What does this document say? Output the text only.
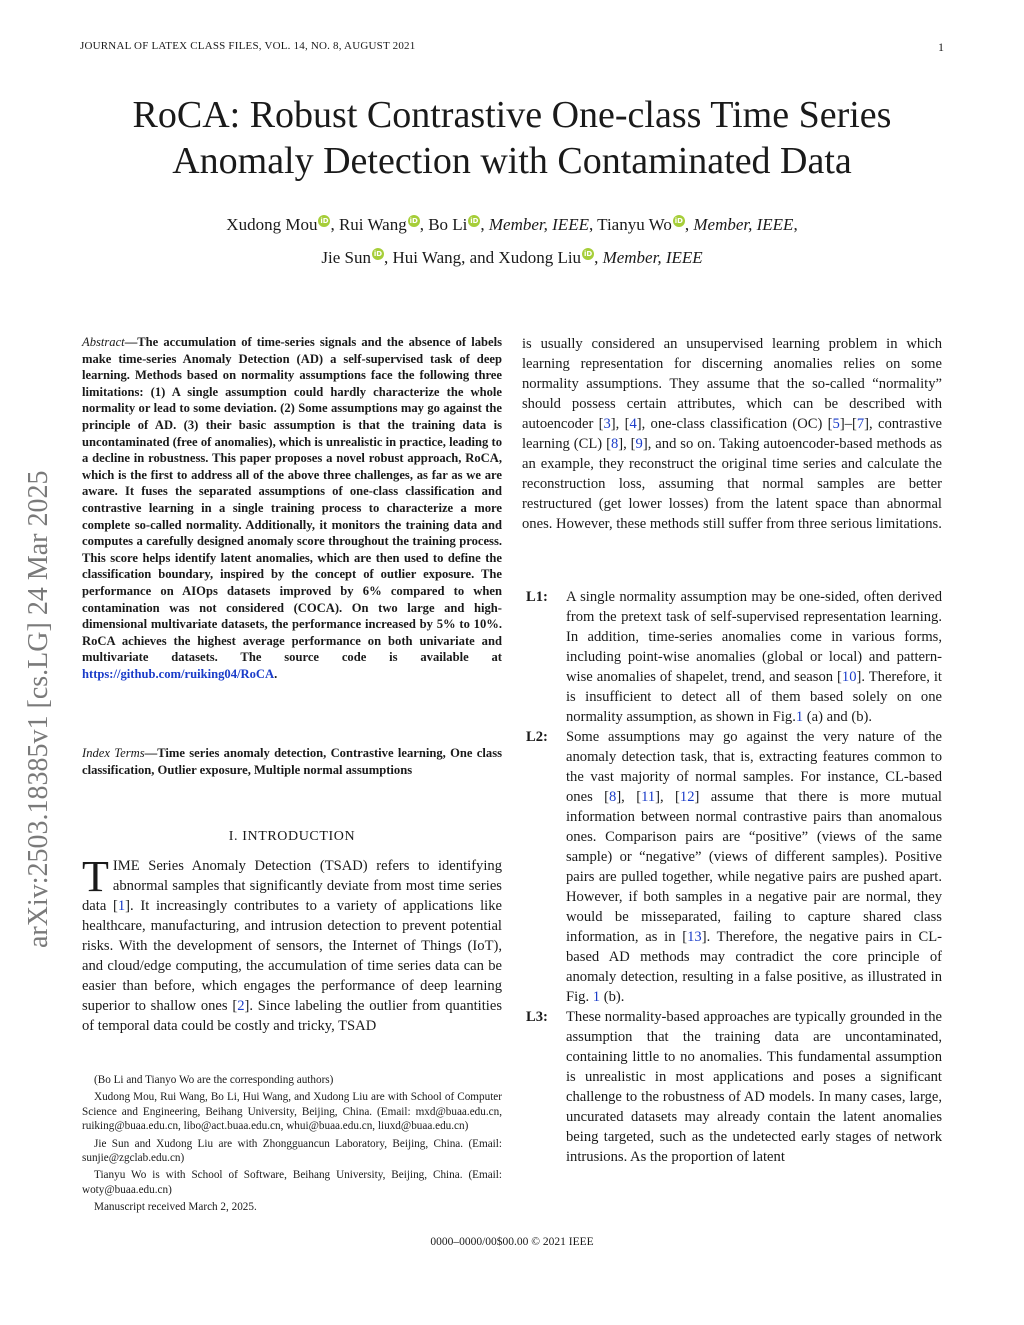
JOURNAL OF LATEX CLASS FILES, VOL. 14, NO. 8, AUGUST 2021	1
arXiv:2503.18385v1 [cs.LG] 24 Mar 2025
RoCA: Robust Contrastive One-class Time Series Anomaly Detection with Contaminated Data
Xudong Mou iD , Rui Wang iD , Bo Li iD , Member, IEEE, Tianyu Wo iD , Member, IEEE,
Jie Sun iD , Hui Wang, and Xudong Liu iD , Member, IEEE
Abstract—The accumulation of time-series signals and the absence of labels make time-series Anomaly Detection (AD) a self-supervised task of deep learning. Methods based on normality assumptions face the following three limitations: (1) A single assumption could hardly characterize the whole normality or lead to some deviation. (2) Some assumptions may go against the principle of AD. (3) their basic assumption is that the training data is uncontaminated (free of anomalies), which is unrealistic in practice, leading to a decline in robustness. This paper proposes a novel robust approach, RoCA, which is the first to address all of the above three challenges, as far as we are aware. It fuses the separated assumptions of one-class classification and contrastive learning in a single training process to characterize a more complete so-called normality. Additionally, it monitors the training data and computes a carefully designed anomaly score throughout the training process. This score helps identify latent anomalies, which are then used to define the classification boundary, inspired by the concept of outlier exposure. The performance on AIOps datasets improved by 6% compared to when contamination was not considered (COCA). On two large and high-dimensional multivariate datasets, the performance increased by 5% to 10%. RoCA achieves the highest average performance on both univariate and multivariate datasets. The source code is available at https://github.com/ruiking04/RoCA.
Index Terms—Time series anomaly detection, Contrastive learning, One class classification, Outlier exposure, Multiple normal assumptions
I. INTRODUCTION
TIME Series Anomaly Detection (TSAD) refers to identifying abnormal samples that significantly deviate from most time series data [1]. It increasingly contributes to a variety of applications like healthcare, manufacturing, and intrusion detection to prevent potential risks. With the development of sensors, the Internet of Things (IoT), and cloud/edge computing, the accumulation of time series data can be easier than before, which engages the performance of deep learning superior to shallow ones [2]. Since labeling the outlier from quantities of temporal data could be costly and tricky, TSAD

(Bo Li and Tianyo Wo are the corresponding authors)

Xudong Mou, Rui Wang, Bo Li, Hui Wang, and Xudong Liu are with School of Computer Science and Engineering, Beihang University, Beijing, China. (Email: mxd@buaa.edu.cn, ruiking@buaa.edu.cn, libo@act.buaa.edu.cn, whui@buaa.edu.cn, liuxd@buaa.edu.cn)

Jie Sun and Xudong Liu are with Zhongguancun Laboratory, Beijing, China. (Email: sunjie@zgclab.edu.cn)

Tianyu Wo is with School of Software, Beihang University, Beijing, China. (Email: woty@buaa.edu.cn)

Manuscript received March 2, 2025.

is usually considered an unsupervised learning problem in which learning representation for discerning anomalies relies on some normality assumptions. They assume that the so-called “normality” should possess certain attributes, which can be described with autoencoder [3], [4], one-class classification (OC) [5]–[7], contrastive learning (CL) [8], [9], and so on. Taking autoencoder-based methods as an example, they reconstruct the original time series and calculate the reconstruction loss, assuming that normal samples are better restructured (get lower losses) from the latent space than abnormal ones. However, these methods still suffer from three serious limitations.
L1:	A single normality assumption may be one-sided, often derived from the pretext task of self-supervised representation learning. In addition, time-series anomalies come in various forms, including point-wise anomalies (global or local) and pattern-wise anomalies of shapelet, trend, and season [10]. Therefore, it is insufficient to detect all of them based solely on one normality assumption, as shown in Fig.1 (a) and (b).
L2:	Some assumptions may go against the very nature of the anomaly detection task, that is, extracting features common to the vast majority of normal samples. For instance, CL-based ones [8], [11], [12] assume that there is more mutual information between normal contrastive pairs than anomalous ones. Comparison pairs are “positive” (views of the same sample) or “negative” (views of different samples). Positive pairs are pulled together, while negative pairs are pushed apart. However, if both samples in a negative pair are normal, they would be misseparated, failing to capture shared class information, as in [13]. Therefore, the negative pairs in CL-based AD methods may contradict the core principle of anomaly detection, resulting in a false positive, as illustrated in Fig. 1 (b).
L3:	These normality-based approaches are typically grounded in the assumption that the training data are uncontaminated, containing little to no anomalies. This fundamental assumption is unrealistic in most applications and poses a significant challenge to the robustness of AD models. In many cases, large, uncurated datasets may already contain the latent anomalies being targeted, such as the undetected early stages of network intrusions. As the proportion of latent
0000–0000/00$00.00 © 2021 IEEE
